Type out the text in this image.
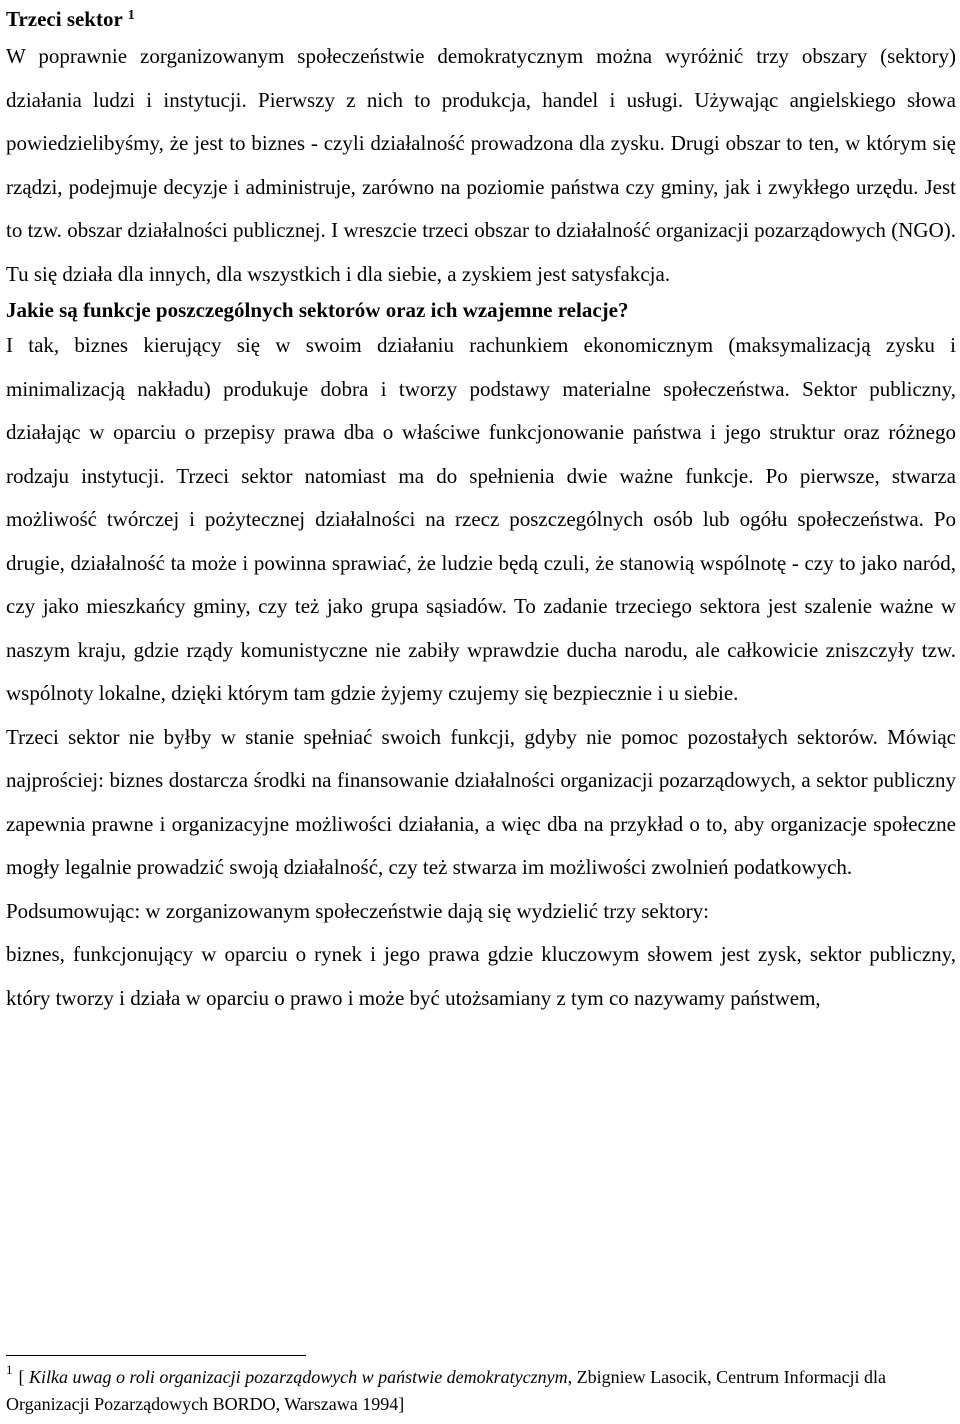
Trzeci sektor $^1$

W poprawnie zorganizowanym społeczeństwie demokratycznym można wyróżnić trzy obszary (sektory) działania ludzi i instytucji. Pierwszy z nich to produkcja, handel i usługi. Używając angielskiego słowa powiedzielibyśmy, że jest to biznes - czyli działalność prowadzona dla zysku. Drugi obszar to ten, w którym się rządzi, podejmuje decyzje i administruje, zarówno na poziomie państwa czy gminy, jak i zwykłego urzędu. Jest to tzw. obszar działalności publicznej. I wreszcie trzeci obszar to działalność organizacji pozarządowych (NGO). Tu się działa dla innych, dla wszystkich i dla siebie, a zyskiem jest satysfakcja.

Jakie są funkcje poszczególnych sektorów oraz ich wzajemne relacje?

I tak, biznes kierujący się w swoim działaniu rachunkiem ekonomicznym (maksymalizacją zysku i minimalizacją nakładu) produkuje dobra i tworzy podstawy materialne społeczeństwa. Sektor publiczny, działając w oparciu o przepisy prawa dba o właściwe funkcjonowanie państwa i jego struktur oraz różnego rodzaju instytucji. Trzeci sektor natomiast ma do spełnienia dwie ważne funkcje. Po pierwsze, stwarza możliwość twórczej i pożytecznej działalności na rzecz poszczególnych osób lub ogółu społeczeństwa. Po drugie, działalność ta może i powinna sprawiać, że ludzie będą czuli, że stanowią wspólnotę - czy to jako naród, czy jako mieszkańcy gminy, czy też jako grupa sąsiadów. To zadanie trzeciego sektora jest szalenie ważne w naszym kraju, gdzie rządy komunistyczne nie zabiły wprawdzie ducha narodu, ale całkowicie zniszczyły tzw. wspólnoty lokalne, dzięki którym tam gdzie żyjemy czujemy się bezpiecznie i u siebie.

Trzeci sektor nie byłby w stanie spełniać swoich funkcji, gdyby nie pomoc pozostałych sektorów. Mówiąc najprościej: biznes dostarcza środki na finansowanie działalności organizacji pozarządowych, a sektor publiczny zapewnia prawne i organizacyjne możliwości działania, a więc dba na przykład o to, aby organizacje społeczne mogły legalnie prowadzić swoją działalność, czy też stwarza im możliwości zwolnień podatkowych.

Podsumowując: w zorganizowanym społeczeństwie dają się wydzielić trzy sektory:

biznes, funkcjonujący w oparciu o rynek i jego prawa gdzie kluczowym słowem jest zysk, sektor publiczny, który tworzy i działa w oparciu o prawo i może być utożsamiany z tym co nazywamy państwem,

$^1$ [ Kilka uwag o roli organizacji pozarządowych w państwie demokratycznym, Zbigniew Lasocik, Centrum Informacji dla Organizacji Pozarządowych BORDO, Warszawa 1994]
